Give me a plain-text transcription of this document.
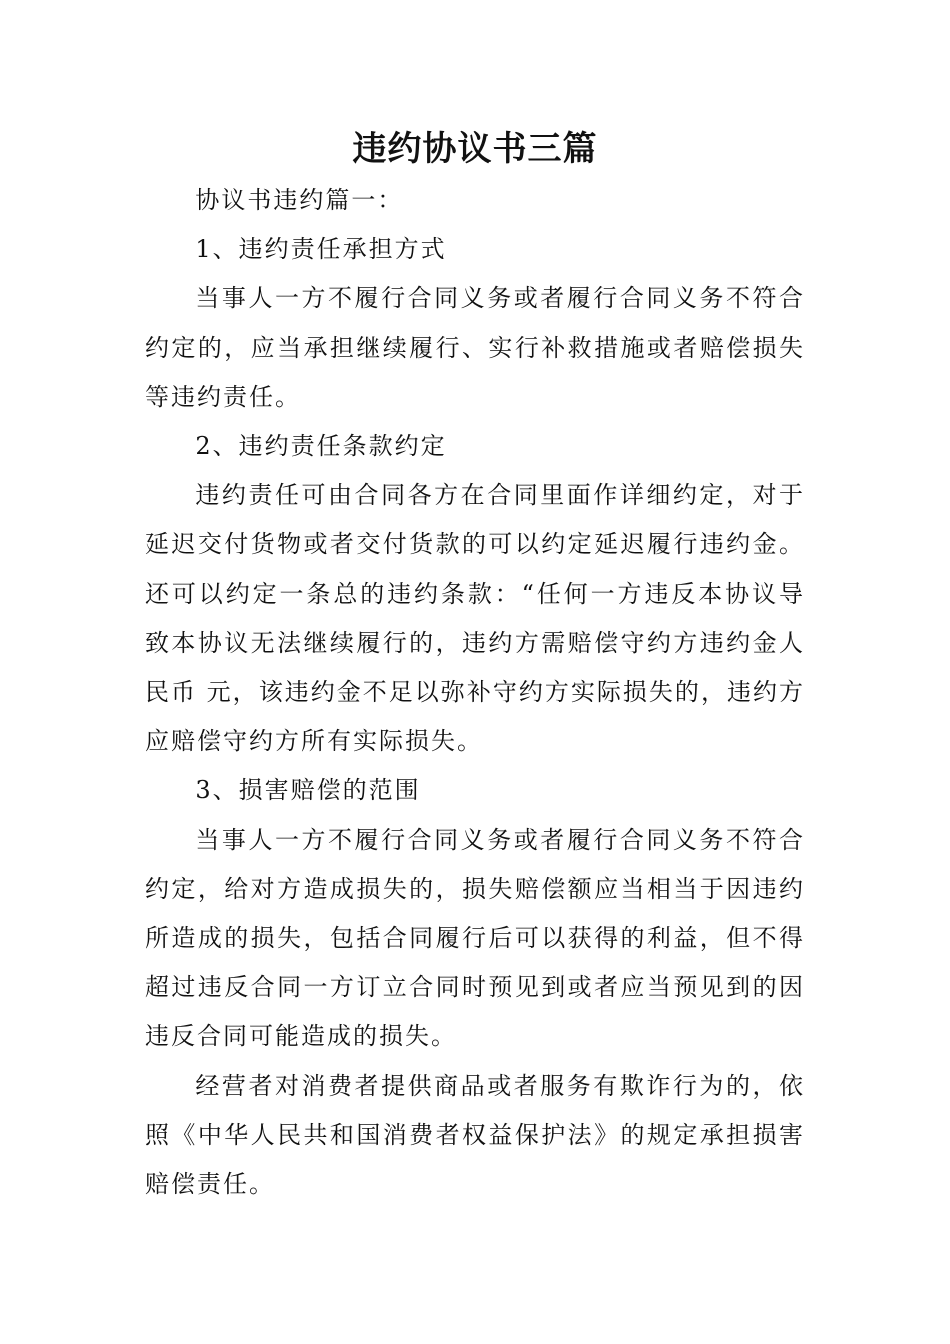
违约协议书三篇

协议书违约篇一：

1、违约责任承担方式

当事人一方不履行合同义务或者履行合同义务不符合约定的，应当承担继续履行、实行补救措施或者赔偿损失等违约责任。

2、违约责任条款约定

违约责任可由合同各方在合同里面作详细约定，对于延迟交付货物或者交付货款的可以约定延迟履行违约金。还可以约定一条总的违约条款：“任何一方违反本协议导致本协议无法继续履行的，违约方需赔偿守约方违约金人民币 元，该违约金不足以弥补守约方实际损失的，违约方应赔偿守约方所有实际损失。

3、损害赔偿的范围

当事人一方不履行合同义务或者履行合同义务不符合约定，给对方造成损失的，损失赔偿额应当相当于因违约所造成的损失，包括合同履行后可以获得的利益，但不得超过违反合同一方订立合同时预见到或者应当预见到的因违反合同可能造成的损失。

经营者对消费者提供商品或者服务有欺诈行为的，依照《中华人民共和国消费者权益保护法》的规定承担损害赔偿责任。
